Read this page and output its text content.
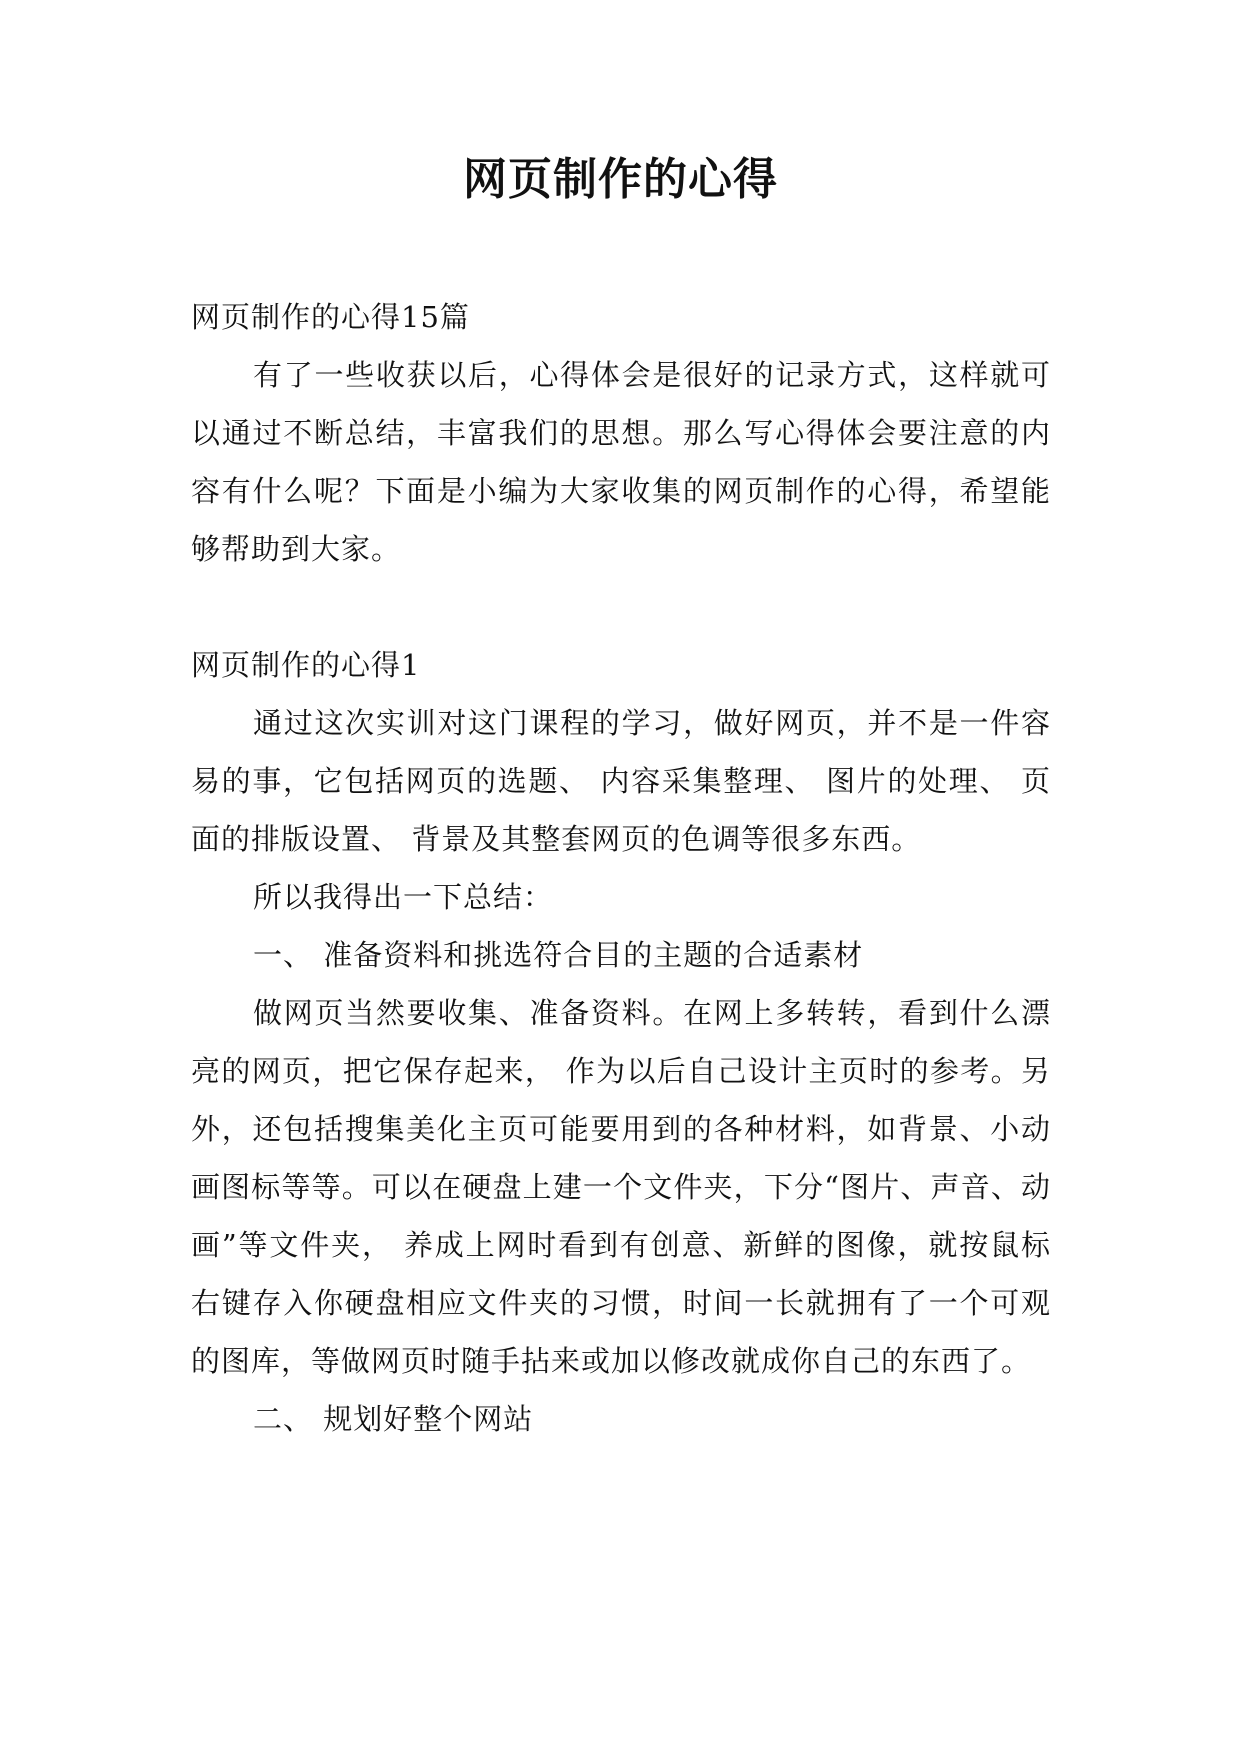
网页制作的心得

网页制作的心得15篇

有了一些收获以后，心得体会是很好的记录方式，这样就可以通过不断总结，丰富我们的思想。那么写心得体会要注意的内容有什么呢？下面是小编为大家收集的网页制作的心得，希望能够帮助到大家。

网页制作的心得1

通过这次实训对这门课程的学习，做好网页，并不是一件容易的事，它包括网页的选题、 内容采集整理、 图片的处理、 页面的排版设置、 背景及其整套网页的色调等很多东西。

所以我得出一下总结：

一、 准备资料和挑选符合目的主题的合适素材

做网页当然要收集、准备资料。在网上多转转，看到什么漂亮的网页，把它保存起来， 作为以后自己设计主页时的参考。另外，还包括搜集美化主页可能要用到的各种材料，如背景、小动画图标等等。可以在硬盘上建一个文件夹，下分“图片、声音、动画”等文件夹， 养成上网时看到有创意、新鲜的图像，就按鼠标右键存入你硬盘相应文件夹的习惯，时间一长就拥有了一个可观的图库，等做网页时随手拈来或加以修改就成你自己的东西了。

二、 规划好整个网站
